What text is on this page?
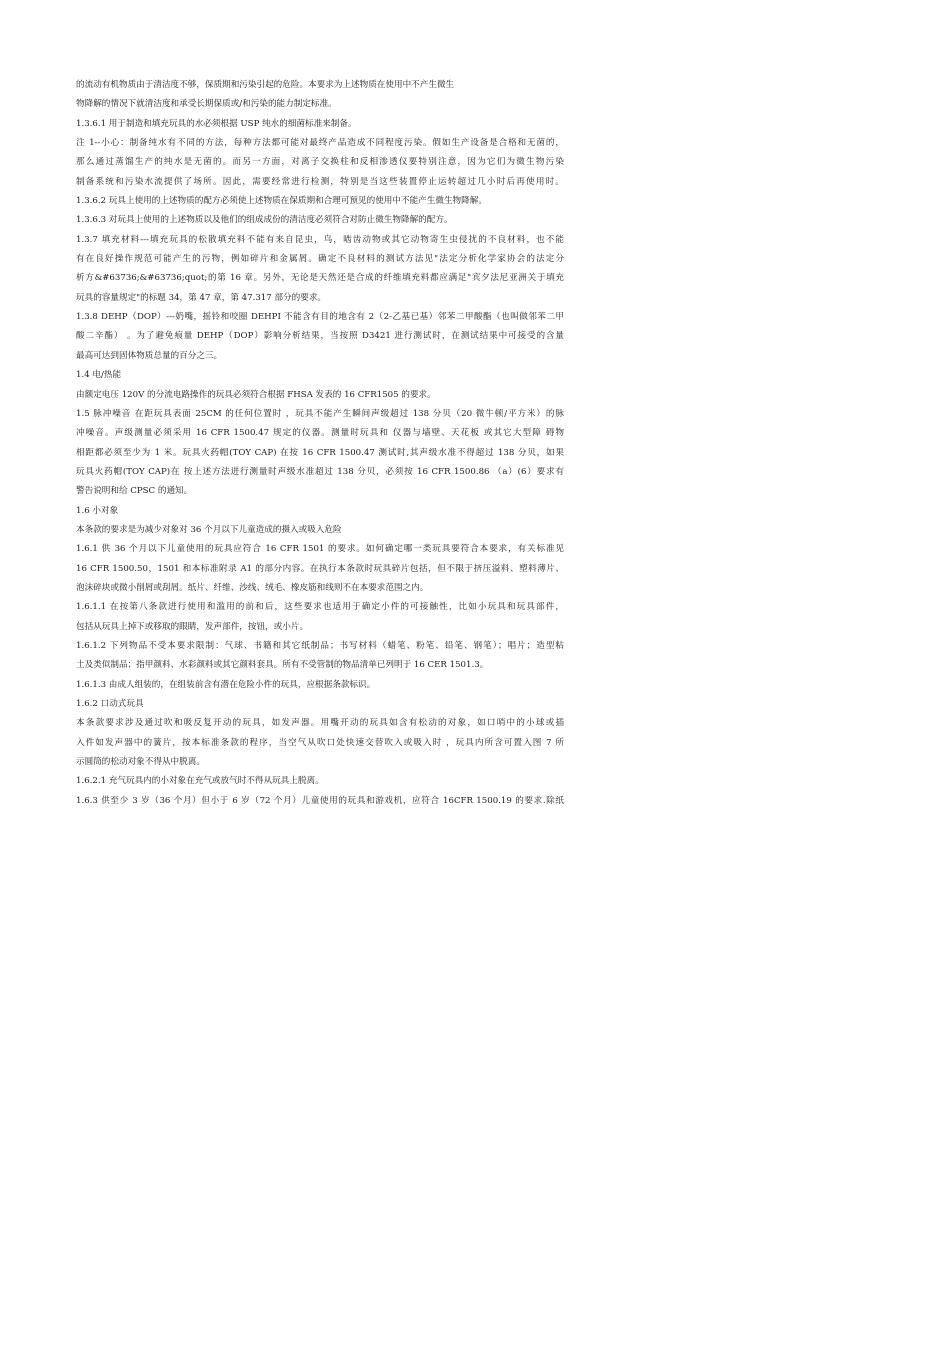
的流动有机物质由于清洁度不够，保质期和污染引起的危险。本要求为上述物质在使用中不产生微生
物降解的情况下就清洁度和承受长期保质或/和污染的能力制定标准。
1.3.6.1 用于制造和填充玩具的水必须根据 USP 纯水的细菌标准来制备。
注 1--小心：制备纯水有不同的方法，每种方法都可能对最终产品造成不同程度污染。假如生产设备是合格和无菌的，
那么通过蒸馏生产的纯水是无菌的。而另一方面，对离子交换柱和反相渗透仪要特别注意，因为它们为微生物污染
制备系统和污染水流提供了场所。因此，需要经常进行检测，特别是当这些装置停止运转超过几小时后再使用时。
1.3.6.2 玩具上使用的上述物质的配方必须使上述物质在保质期和合理可预见的使用中不能产生微生物降解。
1.3.6.3 对玩具上使用的上述物质以及他们的组成成份的清洁度必须符合对防止微生物降解的配方。
1.3.7 填充材料---填充玩具的松散填充料不能有来自昆虫，鸟，啮齿动物或其它动物寄生虫侵扰的不良材料，也不能
有在良好操作规范可能产生的污物，例如碎片和金属屑。确定不良材料的测试方法见"法定分析化学家协会的法定分
析方&#63736;&#63736;quot;的第 16 章。另外，无论是天然还是合成的纤维填充料都应满足"宾夕法尼亚洲关于填充
玩具的容量规定"的标题 34，第 47 章，第 47.317 部分的要求。
1.3.8 DEHP（DOP）---奶嘴，摇铃和咬圈 DEHPI 不能含有目的地含有 2（2-乙基已基）邻苯二甲酸酯（也叫做邻苯二甲
酸二辛酯） 。为了避免痕量 DEHP（DOP）影响分析结果，当按照 D3421 进行测试时，在测试结果中可接受的含量
最高可达到固体物质总量的百分之三。
1.4 电/热能
由额定电压 120V 的分流电路操作的玩具必须符合根据 FHSA 发表的 16 CFR1505 的要求。
1.5 脉冲噪音 在距玩具表面 25CM 的任何位置时 ，玩具不能产生瞬间声级超过 138 分贝（20 微牛顿/平方米）的脉
冲噪音。声级测量必须采用 16 CFR 1500.47 规定的仪器。测量时玩具和 仪器与墙壁、天花板 或其它大型障 碍物
相距都必须至少为 1 米。玩具火药帽(TOY CAP) 在按 16 CFR 1500.47 测试时,其声级水准不得超过 138 分贝，如果
玩具火药帽(TOY CAP)在 按上述方法进行测量时声级水准超过 138 分贝，必须按 16 CFR 1500.86 （a）(6）要求有
警告说明和给 CPSC 的通知。
1.6 小对象
本条款的要求是为减少对象对 36 个月以下儿童造成的摄入或吸入危险
1.6.1 供 36 个月以下儿童使用的玩具应符合 16 CFR 1501 的要求。如何确定哪一类玩具要符合本要求，有关标准见
16 CFR 1500.50，1501 和本标准附录 A1 的部分内容。在执行本条款时玩具碎片包括，但不限于挤压溢料、塑料薄片、
泡沫碎块或微小削屑或刮屑。纸片、纤维、沙线、绒毛、橡皮筋和线则不在本要求范围之内。
1.6.1.1 在按第八条款进行使用和滥用的前和后，这些要求也适用于确定小件的可接触性，比如小玩具和玩具部件，
包括从玩具上掉下或移取的眼睛，发声部件，按钮，或小片。
1.6.1.2 下列物品不受本要求限制：气球、书籍和其它纸制品；书写材料（蜡笔、粉笔、铅笔、钢笔）；唱片；造型粘
土及类似制品；指甲颜料、水彩颜料或其它颜料套具。所有不受管制的物品清单已列明于 16 CER 1501.3。
1.6.1.3 由成人组装的，在组装前含有潜在危险小件的玩具，应根据条款标识。
1.6.2 口动式玩具
本条款要求涉及通过吹和吸反复开动的玩具，如发声器。用嘴开动的玩具如含有松动的对象，如口哨中的小球或插
入件如发声器中的簧片，按本标准条款的程序，当空气从吹口处快速交替吹入或吸入时 ，玩具内所含可置入图 7 所
示圆筒的松动对象不得从中脱离。
1.6.2.1 充气玩具内的小对象在充气或放气时不得从玩具上脱离。
1.6.3 供至少 3 岁（36 个月）但小于 6 岁（72 个月）儿童使用的玩具和游戏机，应符合 16CFR 1500.19 的要求.除纸
